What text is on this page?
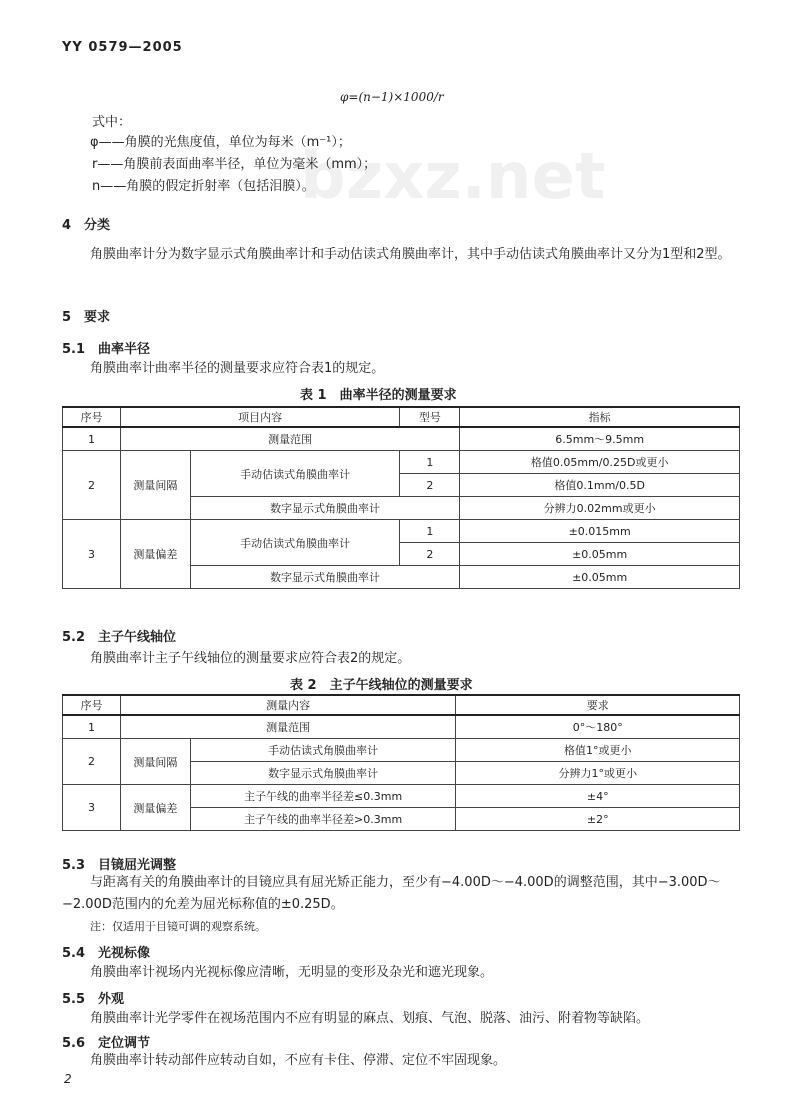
YY 0579—2005
bzxz.net
φ=(n−1)×1000/r
式中：
φ——角膜的光焦度值，单位为每米（m⁻¹）；
r——角膜前表面曲率半径，单位为毫米（mm）；
n——角膜的假定折射率（包括泪膜）。
4　分类
角膜曲率计分为数字显示式角膜曲率计和手动估读式角膜曲率计，其中手动估读式角膜曲率计又分为1型和2型。
5　要求
5.1　曲率半径
角膜曲率计曲率半径的测量要求应符合表1的规定。
表 1　曲率半径的测量要求
序号	项目内容		型号	指标
1	测量范围			6.5mm～9.5mm
2	测量间隔	手动估读式角膜曲率计	1	格值0.05mm/0.25D或更小
			2	格值0.1mm/0.5D
		数字显示式角膜曲率计		分辨力0.02mm或更小
3	测量偏差	手动估读式角膜曲率计	1	±0.015mm
			2	±0.05mm
		数字显示式角膜曲率计		±0.05mm
5.2　主子午线轴位
角膜曲率计主子午线轴位的测量要求应符合表2的规定。
表 2　主子午线轴位的测量要求
序号	测量内容		要求
1	测量范围		0°～180°
2	测量间隔	手动估读式角膜曲率计	格值1°或更小
		数字显示式角膜曲率计	分辨力1°或更小
3	测量偏差	主子午线的曲率半径差≤0.3mm	±4°
		主子午线的曲率半径差>0.3mm	±2°
5.3　目镜屈光调整
与距离有关的角膜曲率计的目镜应具有屈光矫正能力，至少有−4.00D～−4.00D的调整范围，其中−3.00D～−2.00D范围内的允差为屈光标称值的±0.25D。
注：仅适用于目镜可调的观察系统。
5.4　光视标像
角膜曲率计视场内光视标像应清晰，无明显的变形及杂光和遮光现象。
5.5　外观
角膜曲率计光学零件在视场范围内不应有明显的麻点、划痕、气泡、脱落、油污、附着物等缺陷。
5.6　定位调节
角膜曲率计转动部件应转动自如，不应有卡住、停滞、定位不牢固现象。
2
